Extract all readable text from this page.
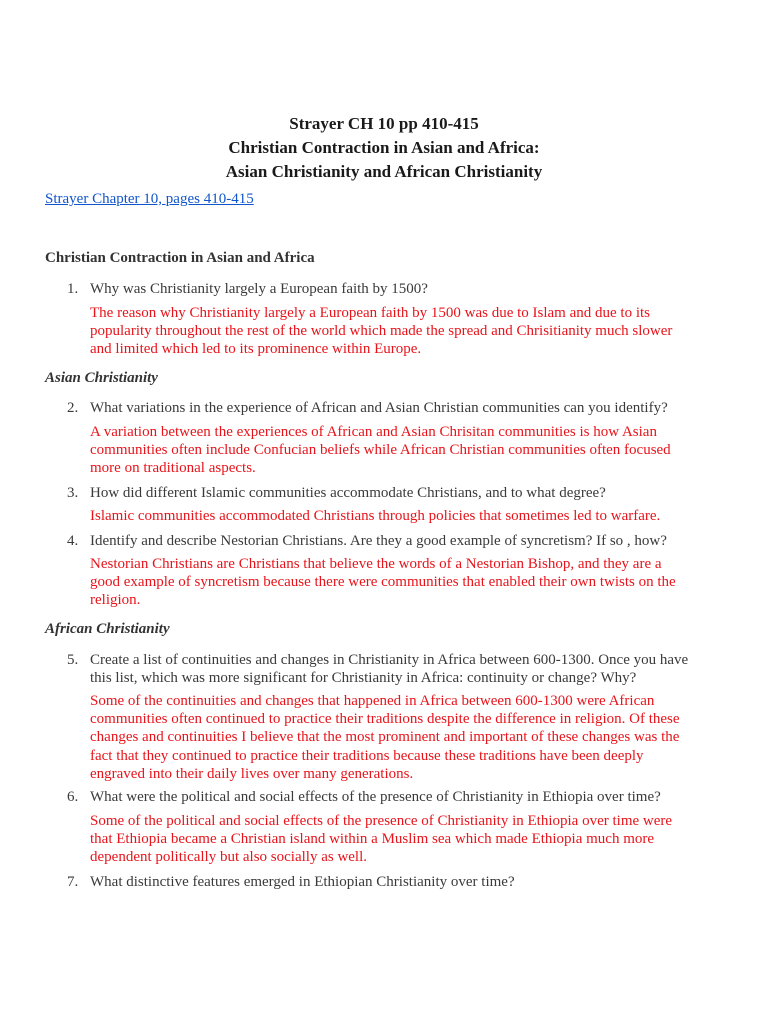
Strayer CH 10 pp 410-415
Christian Contraction in Asian and Africa:
Asian Christianity and African Christianity
Strayer Chapter 10, pages 410-415
Christian Contraction in Asian and Africa
1. Why was Christianity largely a European faith by 1500?
The reason why Christianity largely a European faith by 1500 was due to Islam and due to its popularity throughout the rest of the world which made the spread and Chrisitianity much slower and limited which led to its prominence within Europe.
Asian Christianity
2. What variations in the experience of African and Asian Christian communities can you identify?
A variation between the experiences of African and Asian Chrisitan communities is how Asian communities often include Confucian beliefs while African Christian communities often focused more on traditional aspects.
3. How did different Islamic communities accommodate Christians, and to what degree?
Islamic communities accommodated Christians through policies that sometimes led to warfare.
4. Identify and describe Nestorian Christians. Are they a good example of syncretism? If so , how?
Nestorian Christians are Christians that believe the words of a Nestorian Bishop, and they are a good example of syncretism because there were communities that enabled their own twists on the religion.
African Christianity
5. Create a list of continuities and changes in Christianity in Africa between 600-1300. Once you have this list, which was more significant for Christianity in Africa: continuity or change? Why?
Some of the continuities and changes that happened in Africa between 600-1300 were African communities often continued to practice their traditions despite the difference in religion. Of these changes and continuities I believe that the most prominent and important of these changes was the fact that they continued to practice their traditions because these traditions have been deeply engraved into their daily lives over many generations.
6. What were the political and social effects of the presence of Christianity in Ethiopia over time?
Some of the political and social effects of the presence of Christianity in Ethiopia over time were that Ethiopia became a Christian island within a Muslim sea which made Ethiopia much more dependent politically but also socially as well.
7. What distinctive features emerged in Ethiopian Christianity over time?
